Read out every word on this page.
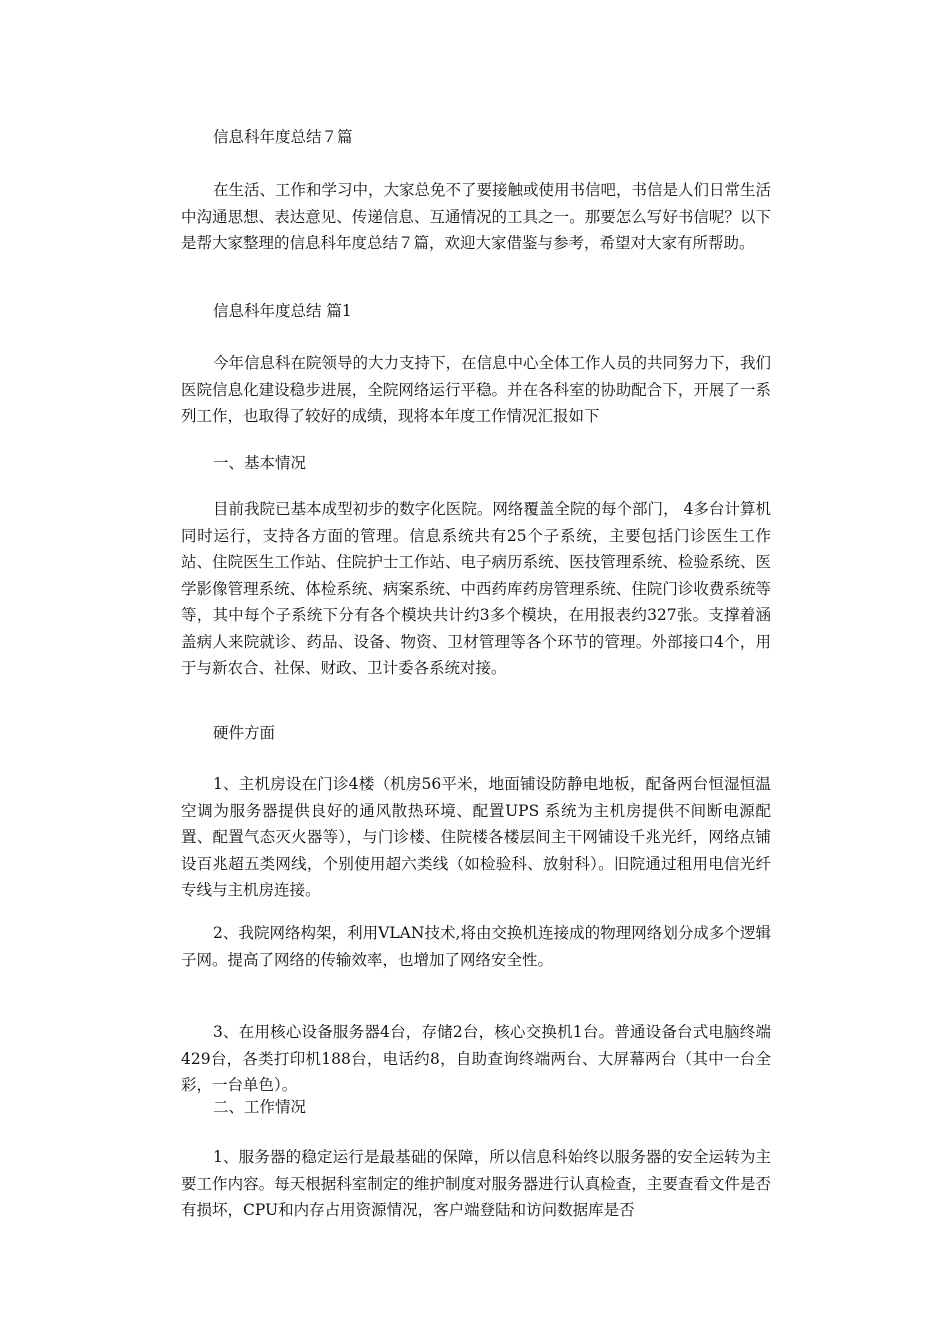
信息科年度总结７篇

在生活、工作和学习中，大家总免不了要接触或使用书信吧，书信是人们日常生活中沟通思想、表达意见、传递信息、互通情况的工具之一。那要怎么写好书信呢？以下是帮大家整理的信息科年度总结７篇，欢迎大家借鉴与参考，希望对大家有所帮助。

信息科年度总结 篇1

今年信息科在院领导的大力支持下，在信息中心全体工作人员的共同努力下，我们医院信息化建设稳步进展，全院网络运行平稳。并在各科室的协助配合下，开展了一系列工作，也取得了较好的成绩，现将本年度工作情况汇报如下

一、基本情况

目前我院已基本成型初步的数字化医院。网络覆盖全院的每个部门， 4多台计算机同时运行，支持各方面的管理。信息系统共有25个子系统，主要包括门诊医生工作站、住院医生工作站、住院护士工作站、电子病历系统、医技管理系统、检验系统、医学影像管理系统、体检系统、病案系统、中西药库药房管理系统、住院门诊收费系统等等，其中每个子系统下分有各个模块共计约3多个模块，在用报表约327张。支撑着涵盖病人来院就诊、药品、设备、物资、卫材管理等各个环节的管理。外部接口4个，用于与新农合、社保、财政、卫计委各系统对接。

硬件方面

1、主机房设在门诊4楼（机房56平米，地面铺设防静电地板，配备两台恒湿恒温空调为服务器提供良好的通风散热环境、配置UPS 系统为主机房提供不间断电源配置、配置气态灭火器等），与门诊楼、住院楼各楼层间主干网铺设千兆光纤，网络点铺设百兆超五类网线，个别使用超六类线（如检验科、放射科）。旧院通过租用电信光纤专线与主机房连接。

2、我院网络构架，利用VLAN技术,将由交换机连接成的物理网络划分成多个逻辑子网。提高了网络的传输效率，也增加了网络安全性。

3、在用核心设备服务器4台，存储2台，核心交换机1台。普通设备台式电脑终端429台，各类打印机188台，电话约8，自助查询终端两台、大屏幕两台（其中一台全彩，一台单色）。

二、工作情况

1、服务器的稳定运行是最基础的保障，所以信息科始终以服务器的安全运转为主要工作内容。每天根据科室制定的维护制度对服务器进行认真检查，主要查看文件是否有损坏，CPU和内存占用资源情况，客户端登陆和访问数据库是否
